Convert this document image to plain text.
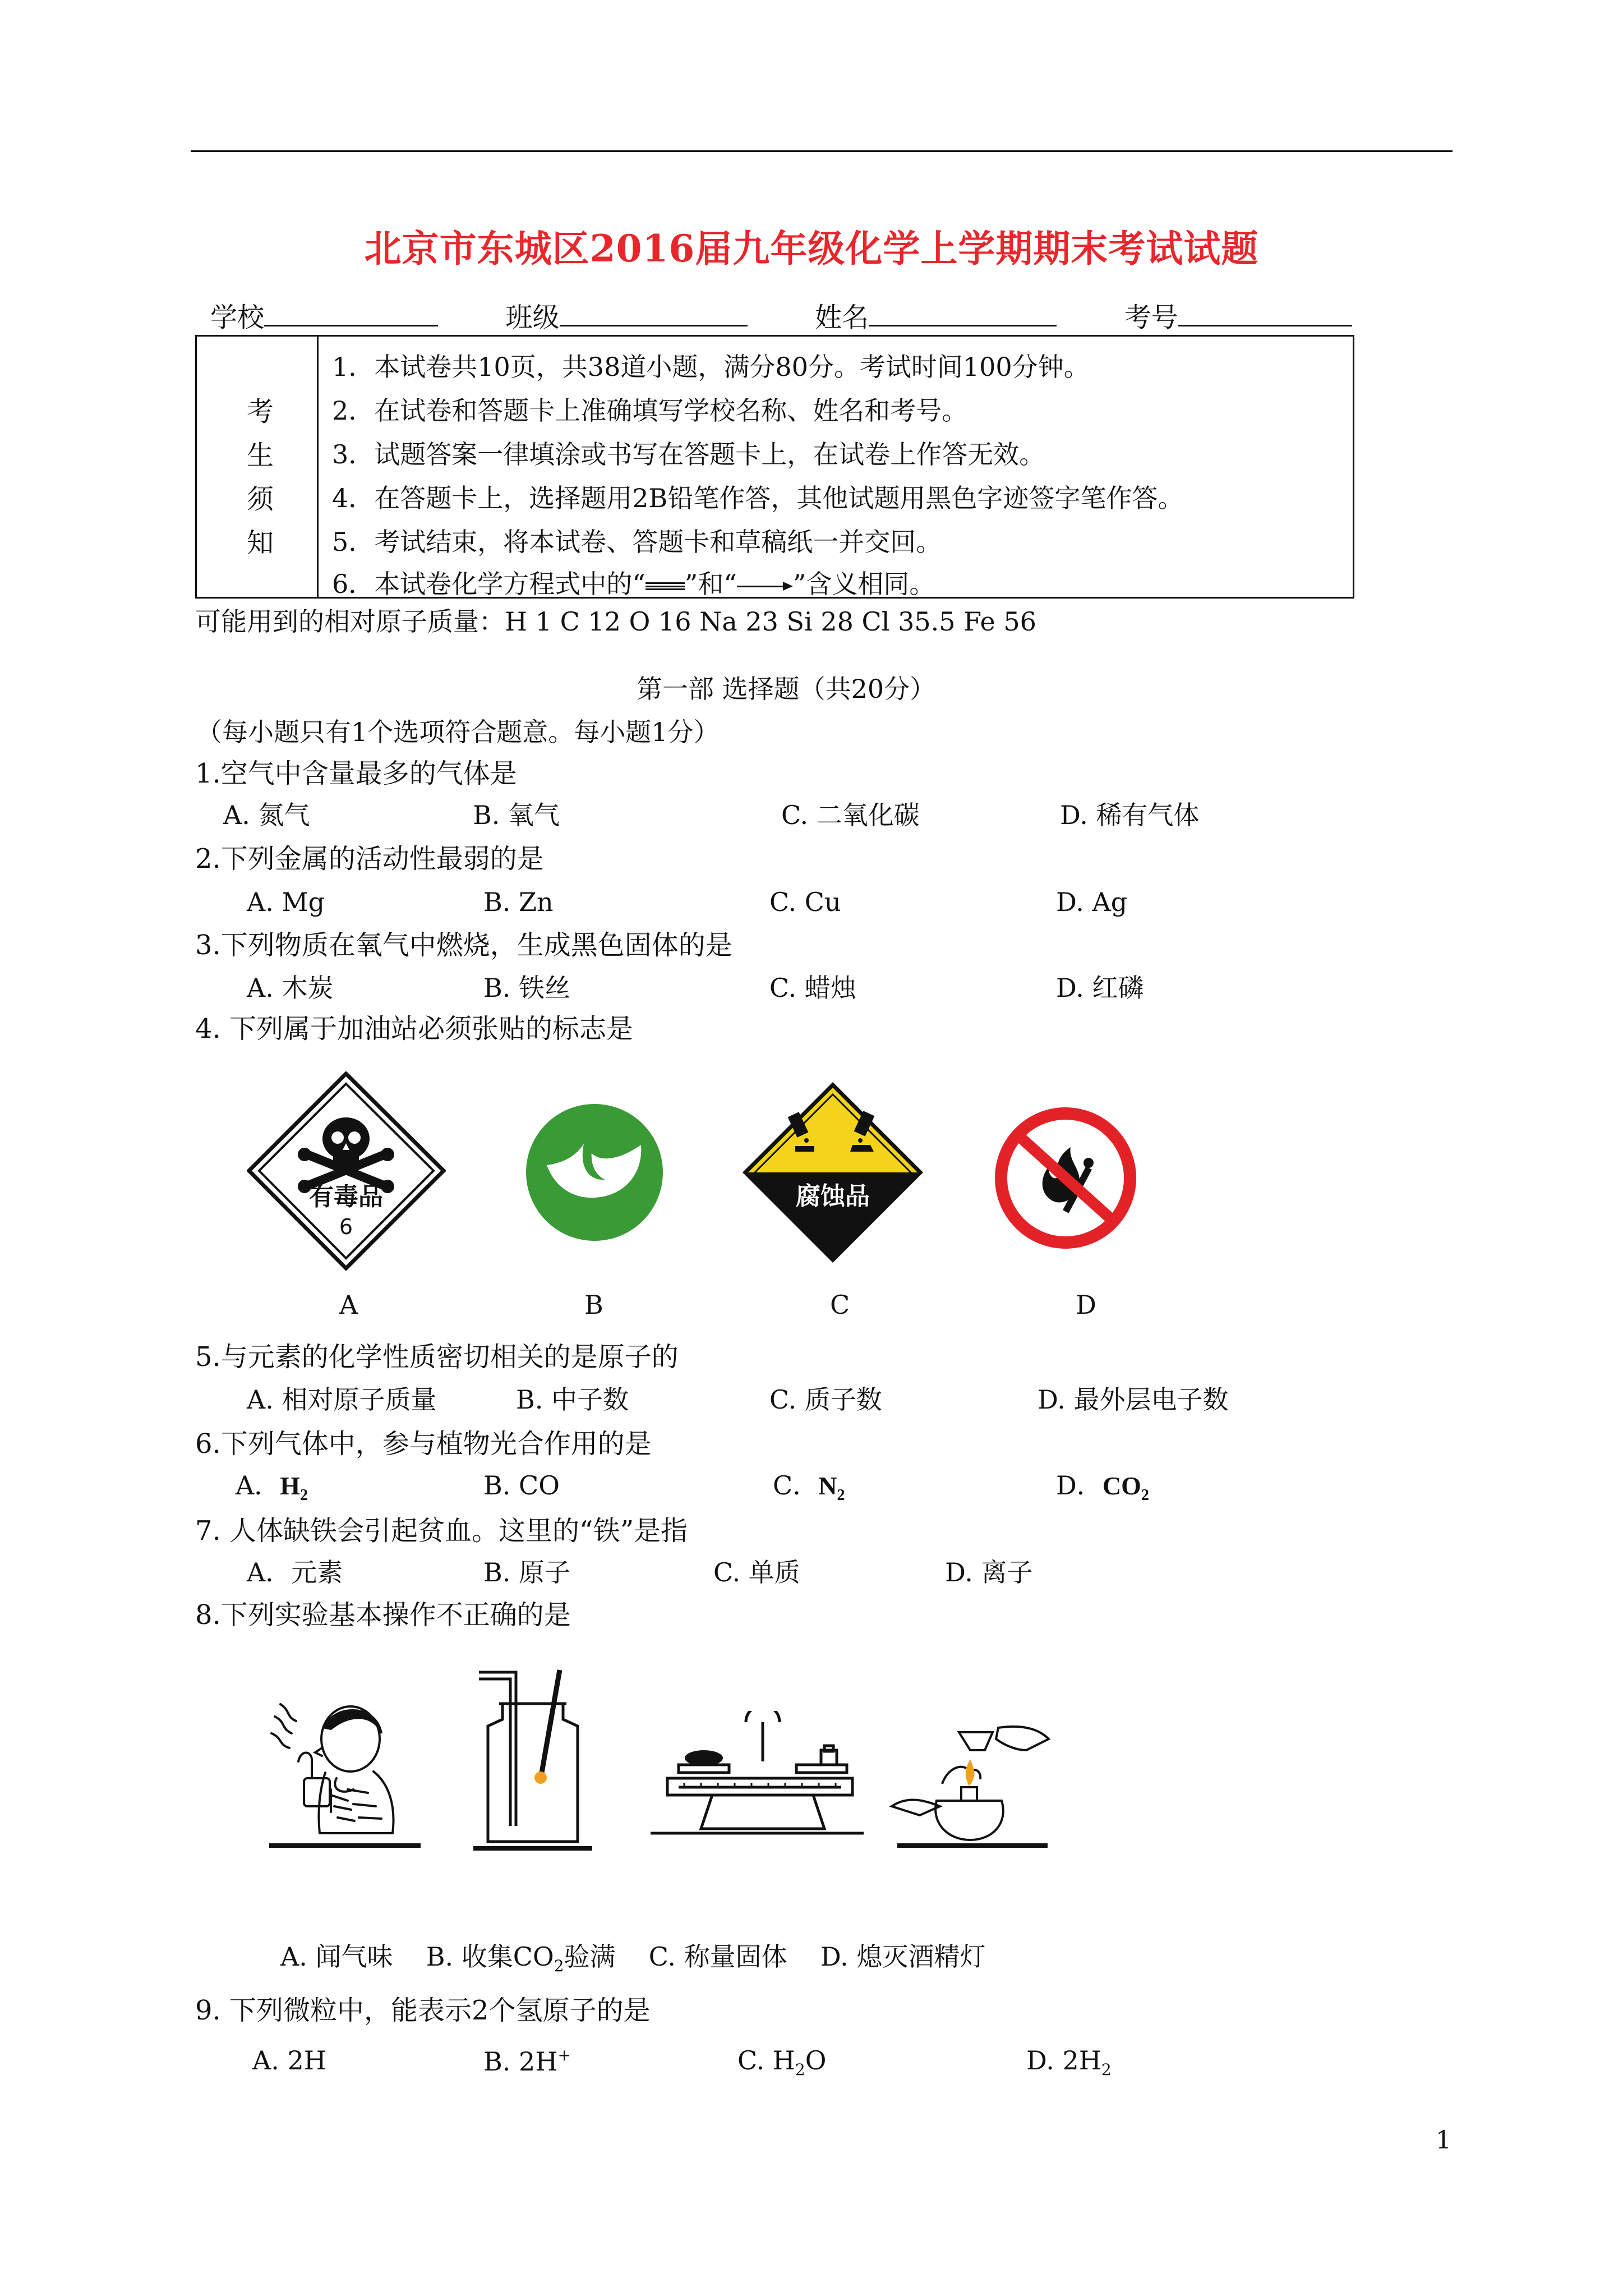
北京市东城区2016届九年级化学上学期期末考试试题
学校	班级	姓名	考号
考
生
须
知
1．本试卷共10页，共38道小题，满分80分。考试时间100分钟。
2．在试卷和答题卡上准确填写学校名称、姓名和考号。
3．试题答案一律填涂或书写在答题卡上，在试卷上作答无效。
4．在答题卡上，选择题用2B铅笔作答，其他试题用黑色字迹签字笔作答。
5．考试结束，将本试卷、答题卡和草稿纸一并交回。
6．本试卷化学方程式中的“ ”和“ ”含义相同。
可能用到的相对原子质量：H 1 C 12 O 16 Na 23 Si 28 Cl 35.5 Fe 56
第一部 选择题（共20分）
（每小题只有1个选项符合题意。每小题1分）
1.空气中含量最多的气体是
A. 氮气	B. 氧气	C. 二氧化碳	D. 稀有气体
2.下列金属的活动性最弱的是
A. Mg	B. Zn	C. Cu	D. Ag
3.下列物质在氧气中燃烧，生成黑色固体的是
A. 木炭	B. 铁丝	C. 蜡烛	D. 红磷
4. 下列属于加油站必须张贴的标志是
有毒品
6
腐蚀品
A	B	C	D
5.与元素的化学性质密切相关的是原子的
A. 相对原子质量	B. 中子数	C. 质子数	D. 最外层电子数
6.下列气体中，参与植物光合作用的是
A．$H_2$	B. CO	C．$N_2$	D．$CO_2$
7. 人体缺铁会引起贫血。这里的“铁”是指
A．元素	B. 原子	C. 单质	D. 离子
8.下列实验基本操作不正确的是
A. 闻气味 B. 收集$CO_2$验满 C. 称量固体 D. 熄灭酒精灯
9. 下列微粒中，能表示2个氢原子的是
A. 2H	B. 2H+	C. $H_2O$	D. $2H_2$
1
